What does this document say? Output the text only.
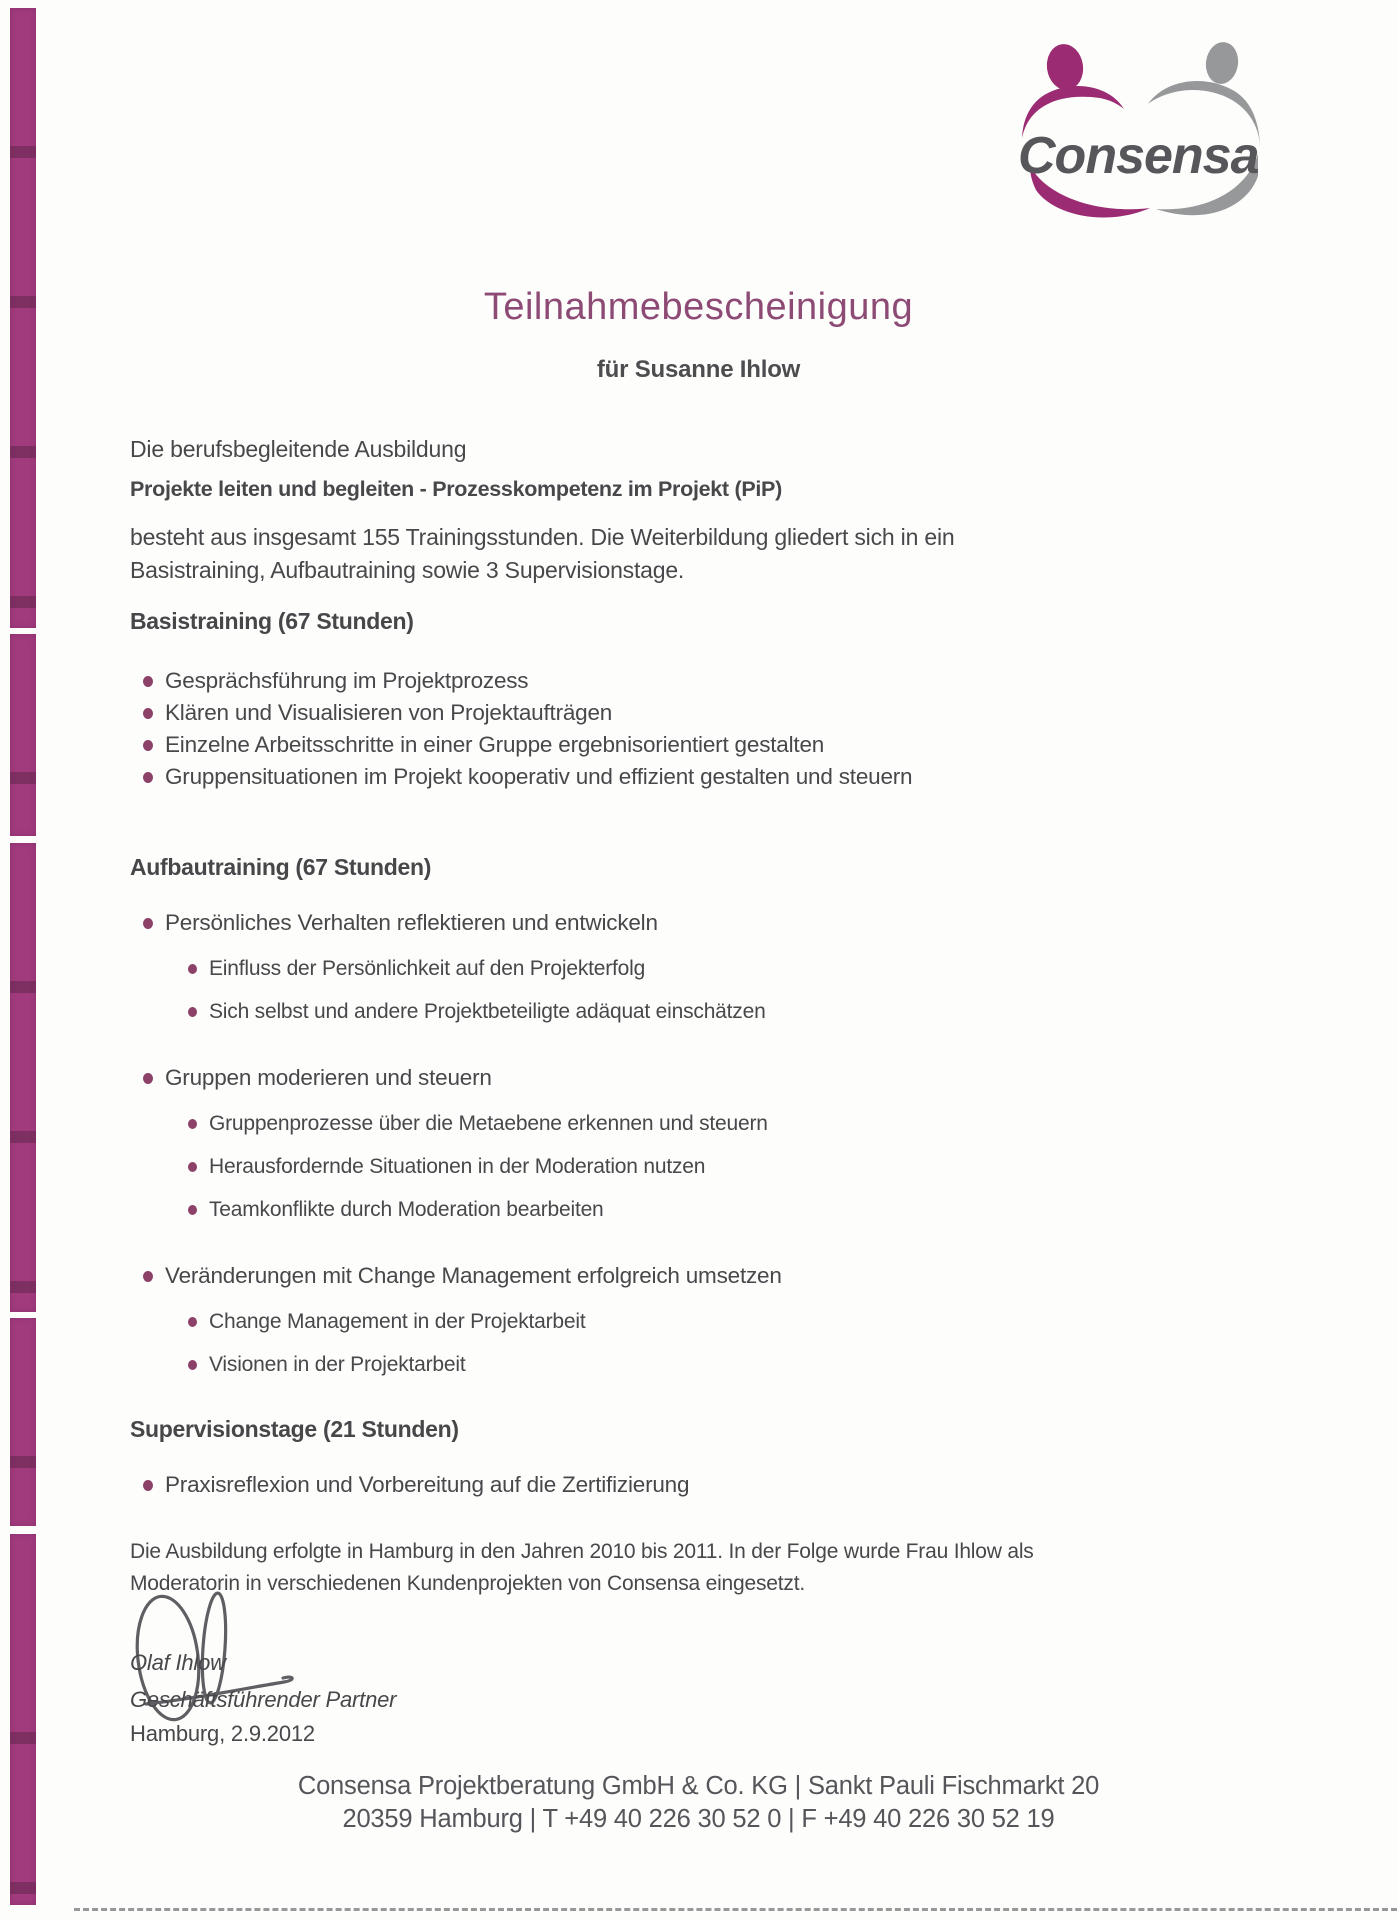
Consensa
Teilnahmebescheinigung
für Susanne Ihlow
Die berufsbegleitende Ausbildung
Projekte leiten und begleiten - Prozesskompetenz im Projekt (PiP)
besteht aus insgesamt 155 Trainingsstunden. Die Weiterbildung gliedert sich in ein
Basistraining, Aufbautraining sowie 3 Supervisionstage.
Basistraining (67 Stunden)
Gesprächsführung im Projektprozess
Klären und Visualisieren von Projektaufträgen
Einzelne Arbeitsschritte in einer Gruppe ergebnisorientiert gestalten
Gruppensituationen im Projekt kooperativ und effizient gestalten und steuern
Aufbautraining (67 Stunden)
Persönliches Verhalten reflektieren und entwickeln
Einfluss der Persönlichkeit auf den Projekterfolg
Sich selbst und andere Projektbeteiligte adäquat einschätzen
Gruppen moderieren und steuern
Gruppenprozesse über die Metaebene erkennen und steuern
Herausfordernde Situationen in der Moderation nutzen
Teamkonflikte durch Moderation bearbeiten
Veränderungen mit Change Management erfolgreich umsetzen
Change Management in der Projektarbeit
Visionen in der Projektarbeit
Supervisionstage (21 Stunden)
Praxisreflexion und Vorbereitung auf die Zertifizierung
Die Ausbildung erfolgte in Hamburg in den Jahren 2010 bis 2011. In der Folge wurde Frau Ihlow als
Moderatorin in verschiedenen Kundenprojekten von Consensa eingesetzt.
Olaf Ihlow
Geschäftsführender Partner
Hamburg, 2.9.2012
Consensa Projektberatung GmbH & Co. KG | Sankt Pauli Fischmarkt 20
20359 Hamburg | T +49 40 226 30 52 0 | F +49 40 226 30 52 19
